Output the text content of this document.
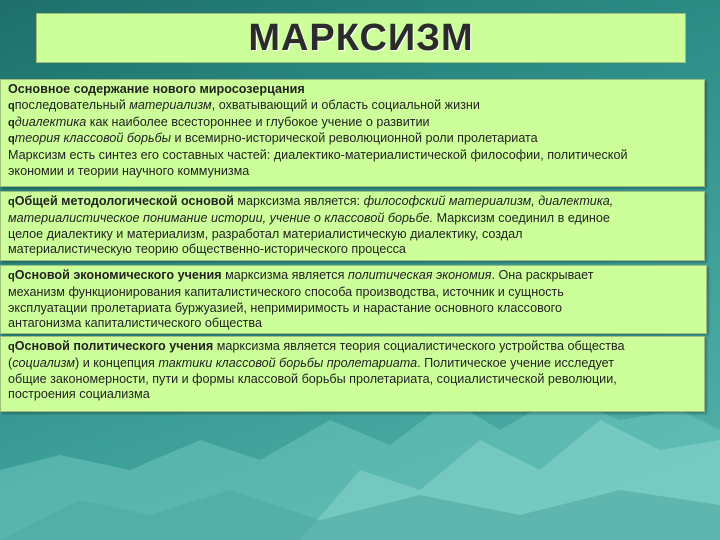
МАРКСИЗМ
Основное содержание нового миросозерцания
qпоследовательный материализм, охватывающий и область социальной жизни
qдиалектика как наиболее всестороннее и глубокое учение о развитии
qтеория классовой борьбы и всемирно-исторической революционной роли пролетариата
Марксизм есть синтез его составных частей: диалектико-материалистической философии, политической
экономии и теории научного коммунизма
qОбщей методологической основой марксизма является: философский материализм, диалектика,
материалистическое понимание истории, учение о классовой борьбе. Марксизм соединил в единое
целое диалектику и материализм, разработал материалистическую диалектику, создал
материалистическую теорию общественно-исторического процесса
qОсновой экономического учения марксизма является политическая экономия. Она раскрывает
механизм функционирования капиталистического способа производства, источник и сущность
эксплуатации пролетариата буржуазией, непримиримость и нарастание основного классового
антагонизма капиталистического общества
qОсновой политического учения марксизма является теория социалистического устройства общества
(социализм) и концепция тактики классовой борьбы пролетариата. Политическое учение исследует
общие закономерности, пути и формы классовой борьбы пролетариата, социалистической революции,
построения социализма
